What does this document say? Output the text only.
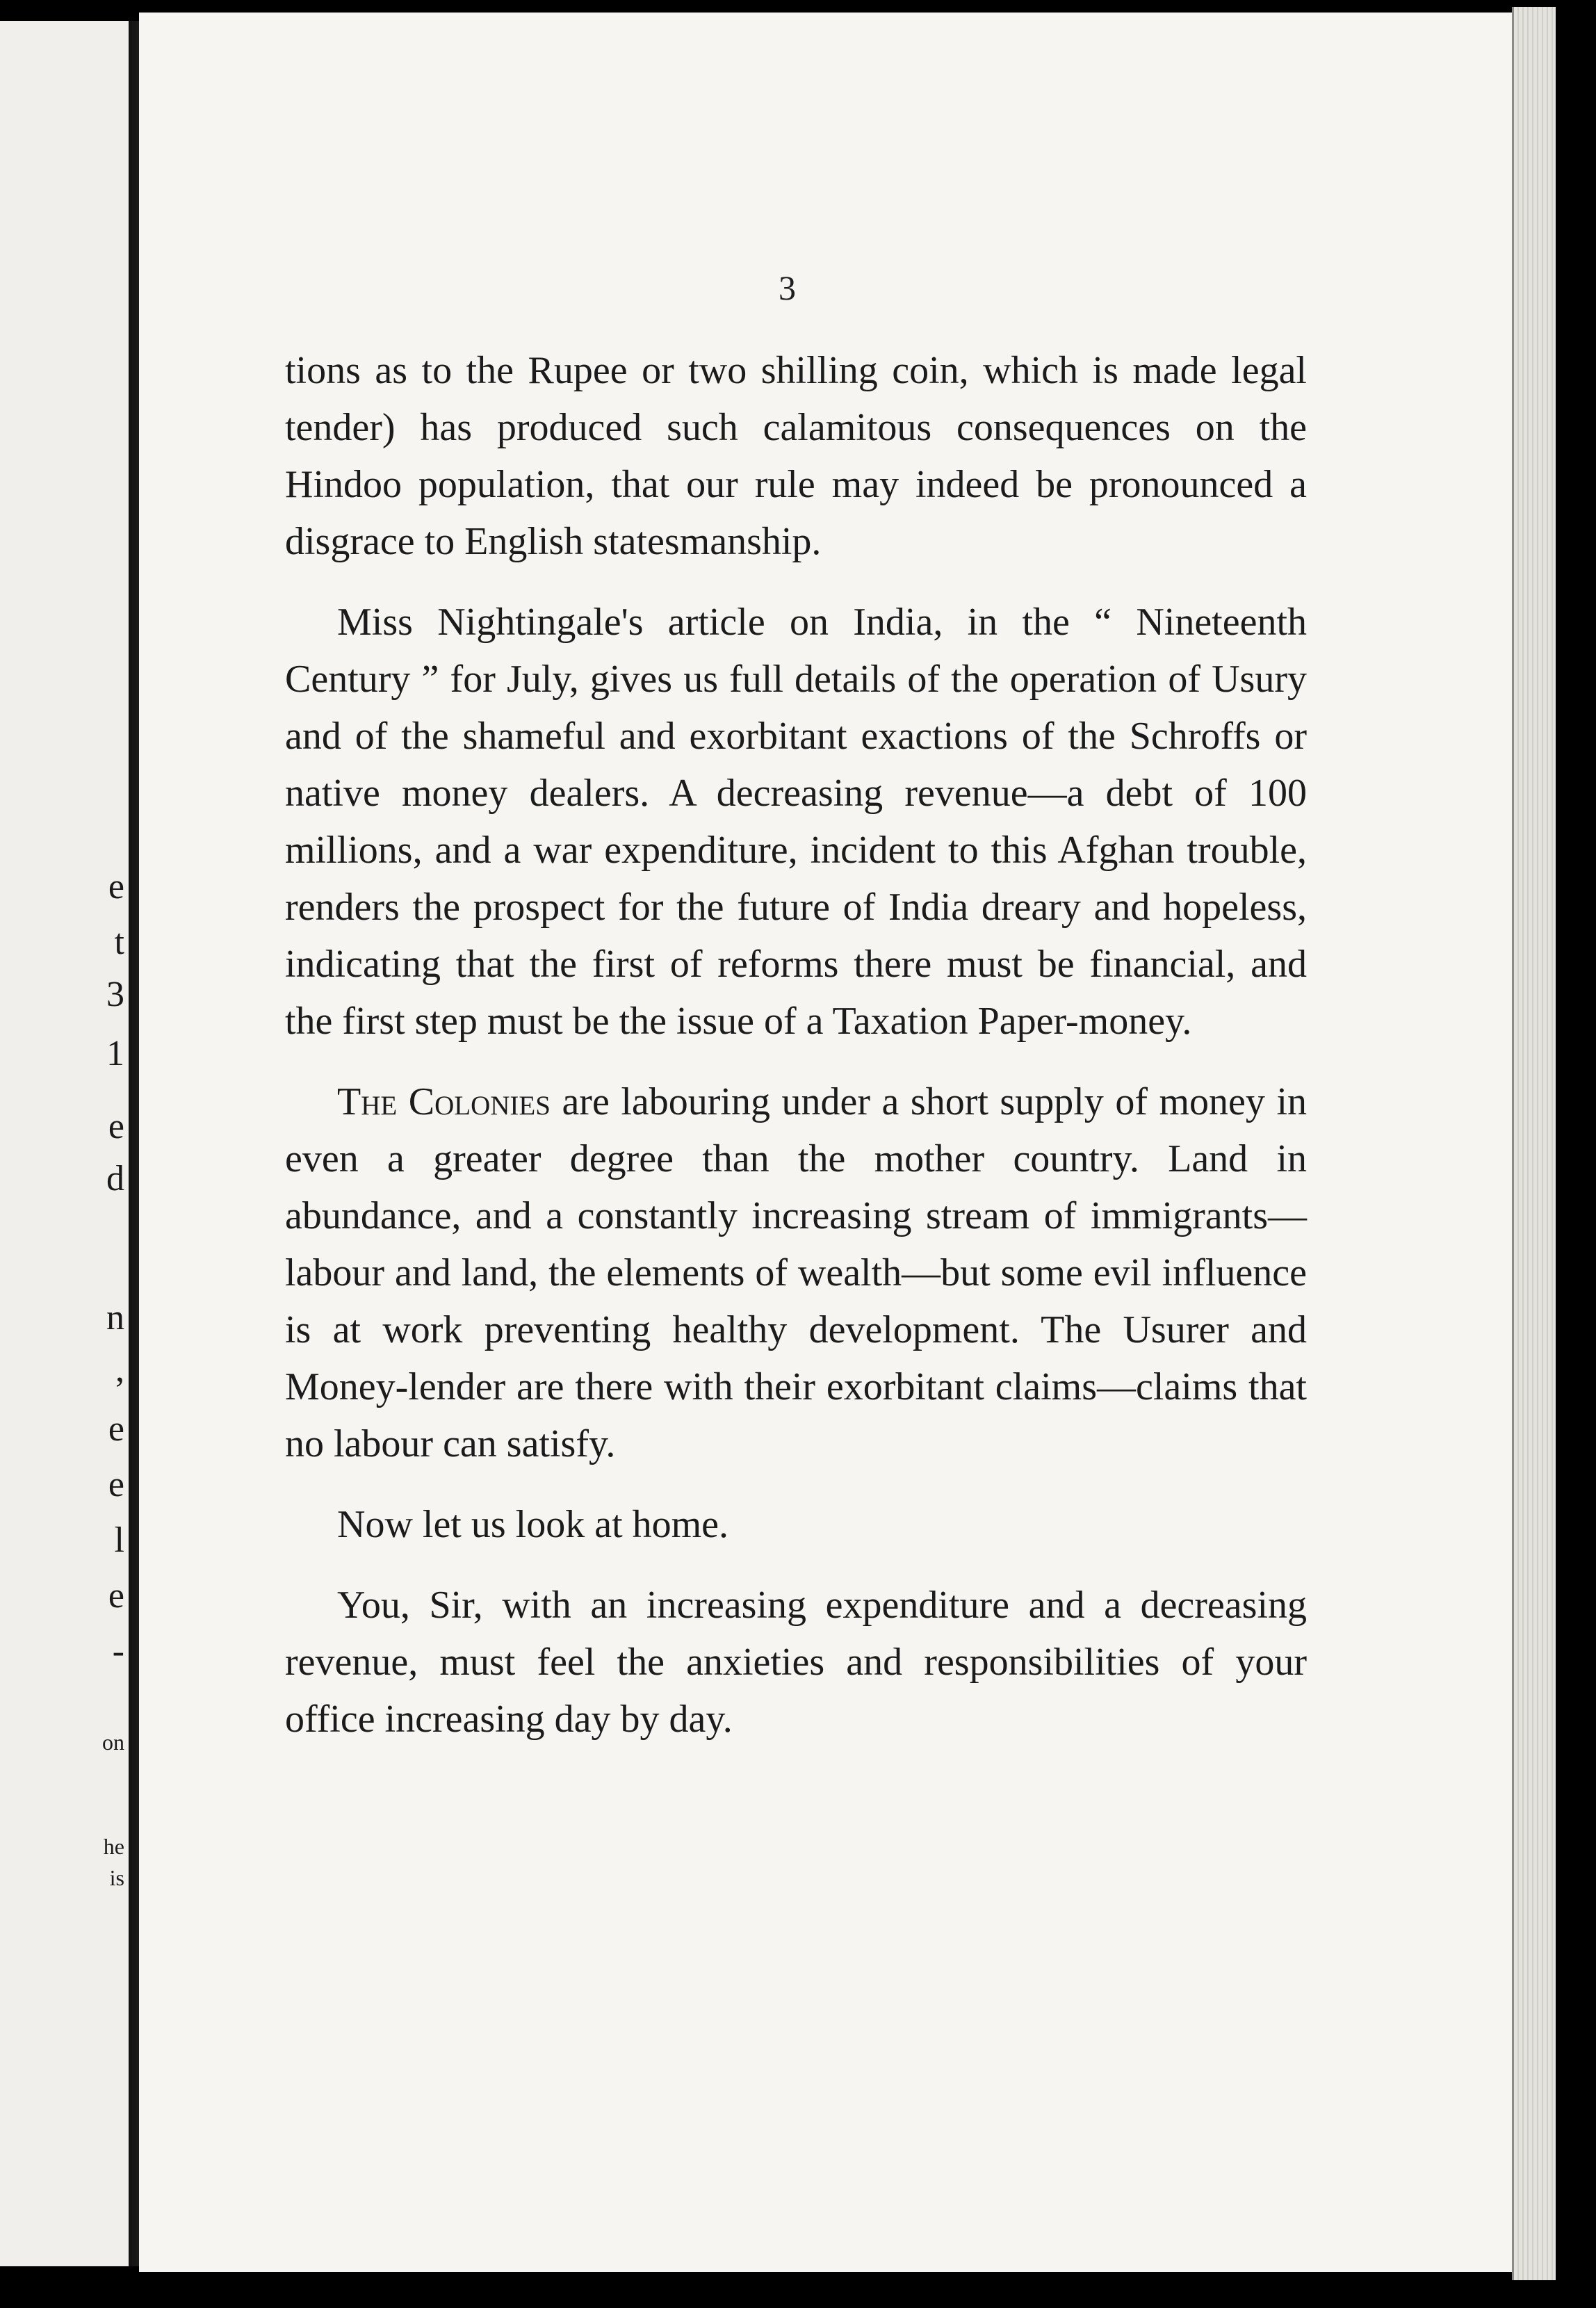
e
t
3
1
e
d
n
,
e
e
l
e
-
on
he
is
3

tions as to the Rupee or two shilling coin, which is made legal tender) has produced such calamitous consequences on the Hindoo population, that our rule may indeed be pronounced a disgrace to English statesmanship.

Miss Nightingale's article on India, in the “ Nineteenth Century ” for July, gives us full details of the operation of Usury and of the shameful and exorbitant exactions of the Schroffs or native money dealers. A decreasing revenue—a debt of 100 millions, and a war expenditure, incident to this Afghan trouble, renders the prospect for the future of India dreary and hopeless, indicating that the first of reforms there must be financial, and the first step must be the issue of a Taxation Paper-money.

The Colonies are labouring under a short supply of money in even a greater degree than the mother country. Land in abundance, and a constantly increasing stream of immigrants—labour and land, the elements of wealth—but some evil influence is at work preventing healthy development. The Usurer and Money-lender are there with their exorbitant claims—claims that no labour can satisfy.

Now let us look at home.

You, Sir, with an increasing expenditure and a decreasing revenue, must feel the anxieties and responsibilities of your office increasing day by day.
